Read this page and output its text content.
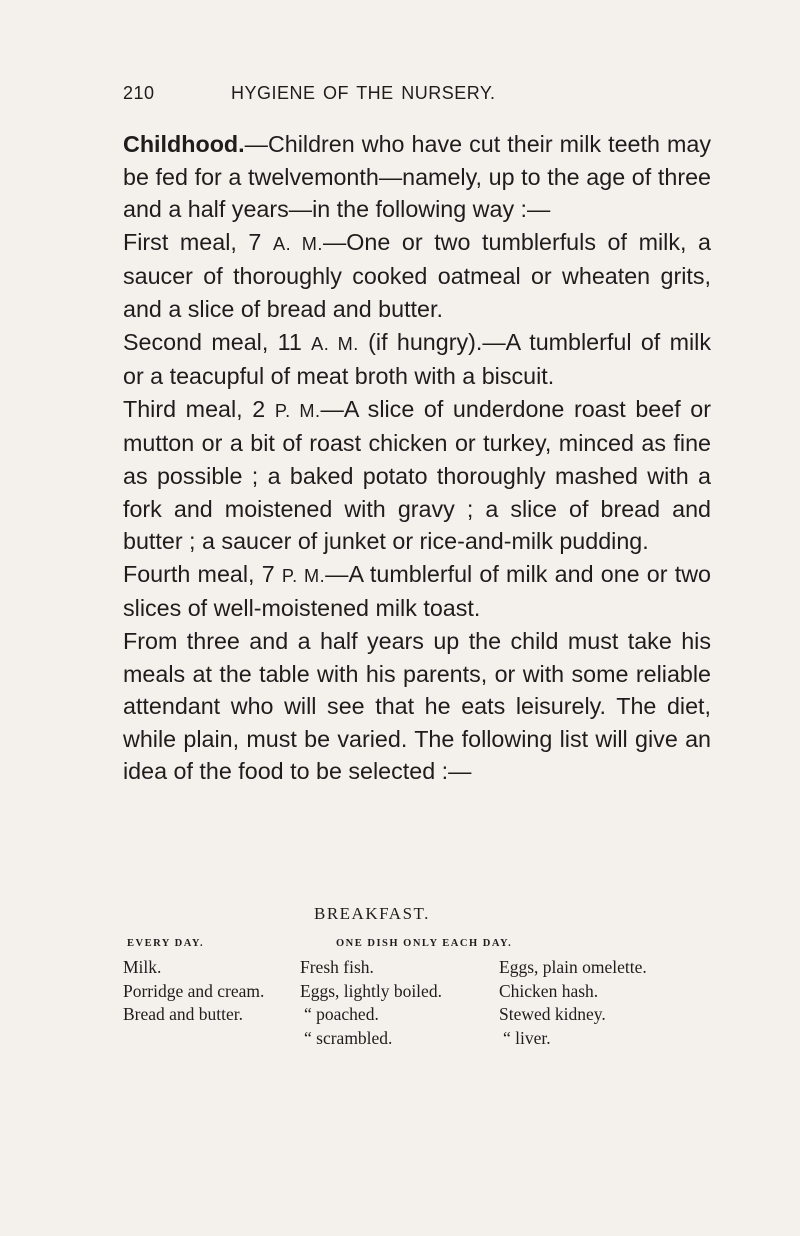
210	HYGIENE OF THE NURSERY.

Childhood.—Children who have cut their milk teeth may be fed for a twelvemonth—namely, up to the age of three and a half years—in the following way :—

First meal, 7 A. M.—One or two tumblerfuls of milk, a saucer of thoroughly cooked oatmeal or wheaten grits, and a slice of bread and butter.

Second meal, 11 A. M. (if hungry).—A tumblerful of milk or a teacupful of meat broth with a biscuit.

Third meal, 2 P. M.—A slice of underdone roast beef or mutton or a bit of roast chicken or turkey, minced as fine as possible ; a baked potato thoroughly mashed with a fork and moistened with gravy ; a slice of bread and butter ; a saucer of junket or rice-and-milk pudding.

Fourth meal, 7 P. M.—A tumblerful of milk and one or two slices of well-moistened milk toast.

From three and a half years up the child must take his meals at the table with his parents, or with some reliable attendant who will see that he eats leisurely. The diet, while plain, must be varied. The following list will give an idea of the food to be selected :—

BREAKFAST.
EVERY DAY.	ONE DISH ONLY EACH DAY.
Milk.
Porridge and cream.
Bread and butter.
Fresh fish.
Eggs, lightly boiled.
“ poached.
“ scrambled.
Eggs, plain omelette.
Chicken hash.
Stewed kidney.
“ liver.
